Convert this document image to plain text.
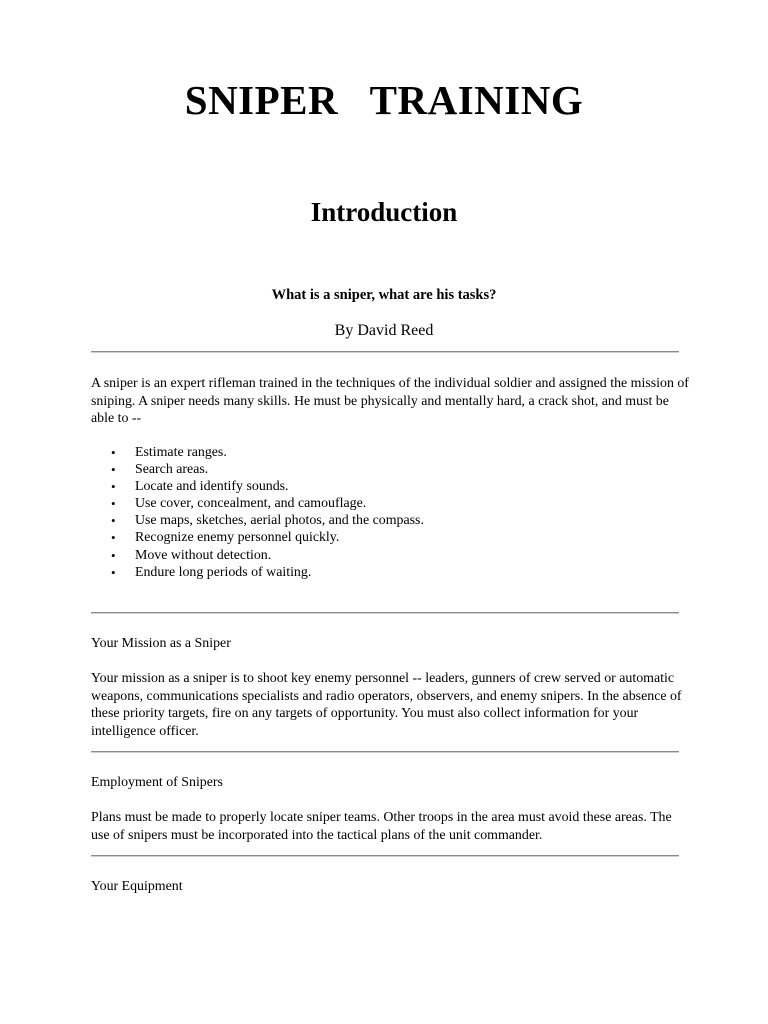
SNIPER   TRAINING
Introduction
What is a sniper, what are his tasks?
By David Reed
A sniper is an expert rifleman trained in the techniques of the individual soldier and assigned the mission of sniping. A sniper needs many skills. He must be physically and mentally hard, a crack shot, and must be able to --
• Estimate ranges.
• Search areas.
• Locate and identify sounds.
• Use cover, concealment, and camouflage.
• Use maps, sketches, aerial photos, and the compass.
• Recognize enemy personnel quickly.
• Move without detection.
• Endure long periods of waiting.
Your Mission as a Sniper
Your mission as a sniper is to shoot key enemy personnel -- leaders, gunners of crew served or automatic weapons, communications specialists and radio operators, observers, and enemy snipers. In the absence of these priority targets, fire on any targets of opportunity. You must also collect information for your intelligence officer.
Employment of Snipers
Plans must be made to properly locate sniper teams. Other troops in the area must avoid these areas. The use of snipers must be incorporated into the tactical plans of the unit commander.
Your Equipment
